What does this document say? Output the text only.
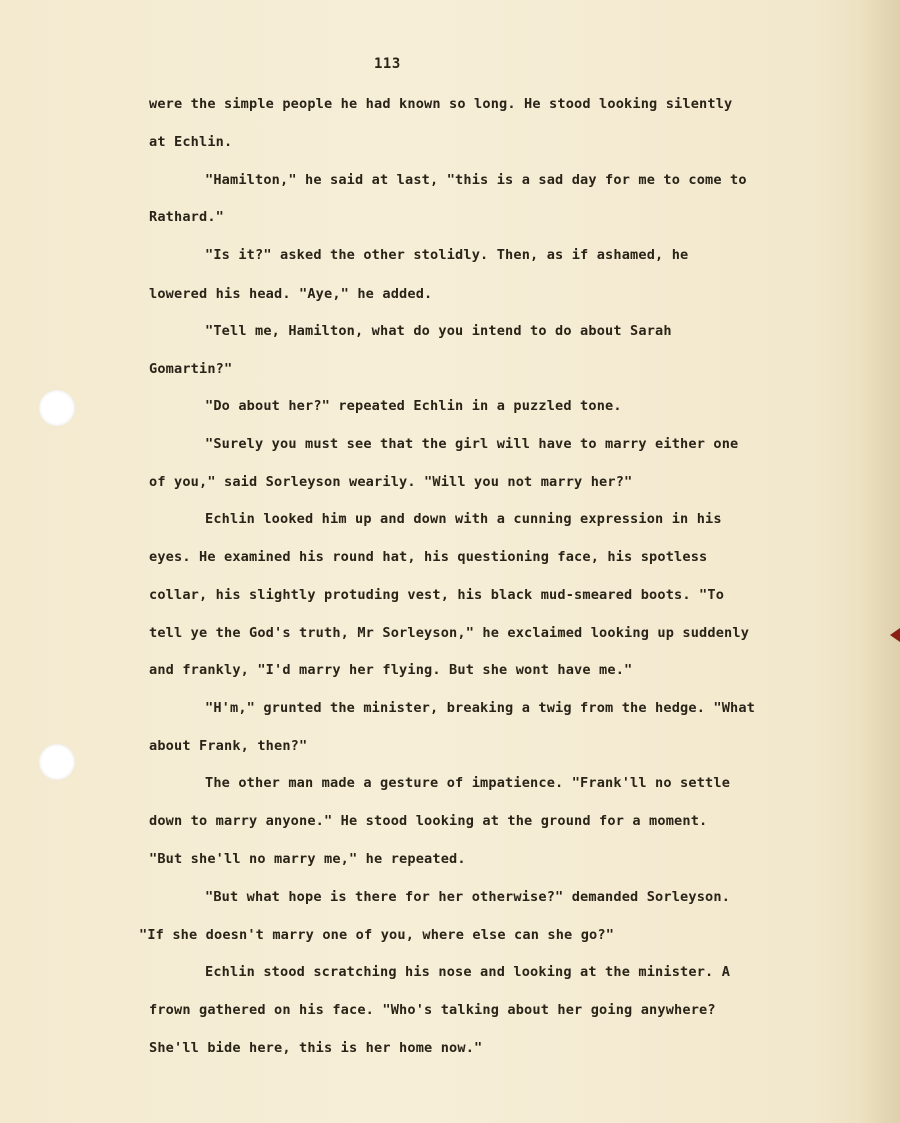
113
were the simple people he had known so long. He stood looking silently
at Echlin.
"Hamilton," he said at last, "this is a sad day for me to come to
Rathard."
"Is it?" asked the other stolidly. Then, as if ashamed, he
lowered his head. "Aye," he added.
"Tell me, Hamilton, what do you intend to do about Sarah
Gomartin?"
"Do about her?" repeated Echlin in a puzzled tone.
"Surely you must see that the girl will have to marry either one
of you," said Sorleyson wearily. "Will you not marry her?"
Echlin looked him up and down with a cunning expression in his
eyes. He examined his round hat, his questioning face, his spotless
collar, his slightly protuding vest, his black mud-smeared boots. "To
tell ye the God's truth, Mr Sorleyson," he exclaimed looking up suddenly
and frankly, "I'd marry her flying. But she wont have me."
"H'm," grunted the minister, breaking a twig from the hedge. "What
about Frank, then?"
The other man made a gesture of impatience. "Frank'll no settle
down to marry anyone." He stood looking at the ground for a moment.
"But she'll no marry me," he repeated.
"But what hope is there for her otherwise?" demanded Sorleyson.
"If she doesn't marry one of you, where else can she go?"
Echlin stood scratching his nose and looking at the minister. A
frown gathered on his face. "Who's talking about her going anywhere?
She'll bide here, this is her home now."
